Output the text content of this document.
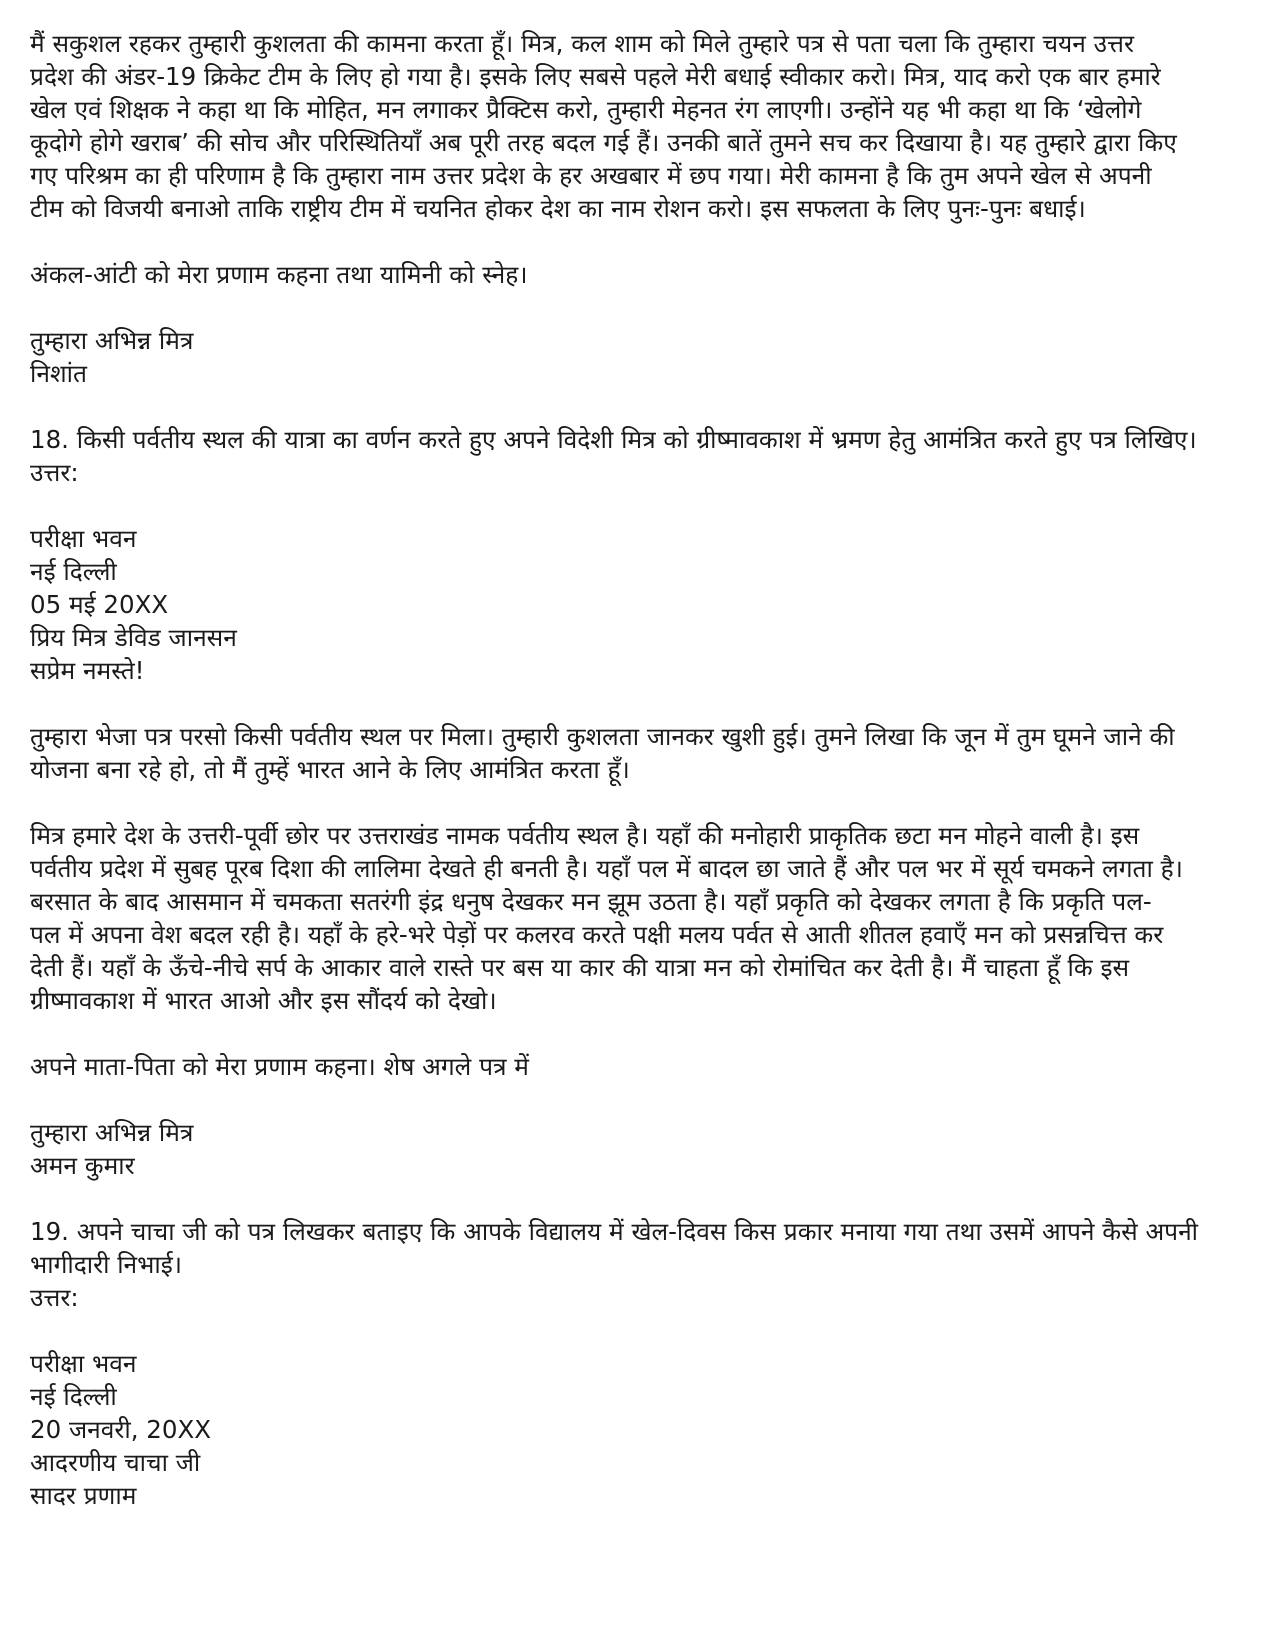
मैं सकुशल रहकर तुम्हारी कुशलता की कामना करता हूँ। मित्र, कल शाम को मिले तुम्हारे पत्र से पता चला कि तुम्हारा चयन उत्तर
प्रदेश की अंडर-19 क्रिकेट टीम के लिए हो गया है। इसके लिए सबसे पहले मेरी बधाई स्वीकार करो। मित्र, याद करो एक बार हमारे
खेल एवं शिक्षक ने कहा था कि मोहित, मन लगाकर प्रैक्टिस करो, तुम्हारी मेहनत रंग लाएगी। उन्होंने यह भी कहा था कि ‘खेलोगे
कूदोगे होगे खराब’ की सोच और परिस्थितियाँ अब पूरी तरह बदल गई हैं। उनकी बातें तुमने सच कर दिखाया है। यह तुम्हारे द्वारा किए
गए परिश्रम का ही परिणाम है कि तुम्हारा नाम उत्तर प्रदेश के हर अखबार में छप गया। मेरी कामना है कि तुम अपने खेल से अपनी
टीम को विजयी बनाओ ताकि राष्ट्रीय टीम में चयनित होकर देश का नाम रोशन करो। इस सफलता के लिए पुनः-पुनः बधाई।
अंकल-आंटी को मेरा प्रणाम कहना तथा यामिनी को स्नेह।
तुम्हारा अभिन्न मित्र
निशांत
18. किसी पर्वतीय स्थल की यात्रा का वर्णन करते हुए अपने विदेशी मित्र को ग्रीष्मावकाश में भ्रमण हेतु आमंत्रित करते हुए पत्र लिखिए।
उत्तर:
परीक्षा भवन
नई दिल्ली
05 मई 20XX
प्रिय मित्र डेविड जानसन
सप्रेम नमस्ते!
तुम्हारा भेजा पत्र परसो किसी पर्वतीय स्थल पर मिला। तुम्हारी कुशलता जानकर खुशी हुई। तुमने लिखा कि जून में तुम घूमने जाने की
योजना बना रहे हो, तो मैं तुम्हें भारत आने के लिए आमंत्रित करता हूँ।
मित्र हमारे देश के उत्तरी-पूर्वी छोर पर उत्तराखंड नामक पर्वतीय स्थल है। यहाँ की मनोहारी प्राकृतिक छटा मन मोहने वाली है। इस
पर्वतीय प्रदेश में सुबह पूरब दिशा की लालिमा देखते ही बनती है। यहाँ पल में बादल छा जाते हैं और पल भर में सूर्य चमकने लगता है।
बरसात के बाद आसमान में चमकता सतरंगी इंद्र धनुष देखकर मन झूम उठता है। यहाँ प्रकृति को देखकर लगता है कि प्रकृति पल-
पल में अपना वेश बदल रही है। यहाँ के हरे-भरे पेड़ों पर कलरव करते पक्षी मलय पर्वत से आती शीतल हवाएँ मन को प्रसन्नचित्त कर
देती हैं। यहाँ के ऊँचे-नीचे सर्प के आकार वाले रास्ते पर बस या कार की यात्रा मन को रोमांचित कर देती है। मैं चाहता हूँ कि इस
ग्रीष्मावकाश में भारत आओ और इस सौंदर्य को देखो।
अपने माता-पिता को मेरा प्रणाम कहना। शेष अगले पत्र में
तुम्हारा अभिन्न मित्र
अमन कुमार
19. अपने चाचा जी को पत्र लिखकर बताइए कि आपके विद्यालय में खेल-दिवस किस प्रकार मनाया गया तथा उसमें आपने कैसे अपनी
भागीदारी निभाई।
उत्तर:
परीक्षा भवन
नई दिल्ली
20 जनवरी, 20XX
आदरणीय चाचा जी
सादर प्रणाम
